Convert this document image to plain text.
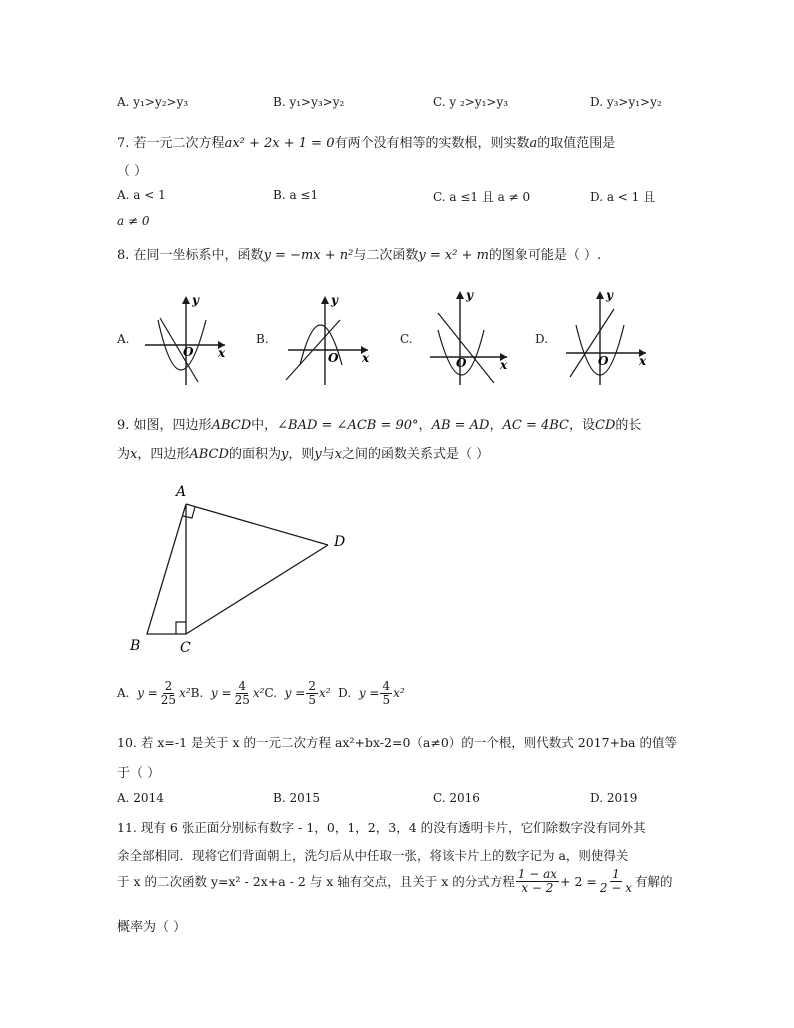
A. y₁>y₂>y₃	B. y₁>y₃>y₂	C. y ₂>y₁>y₃	D. y₃>y₁>y₂
7. 若一元二次方程ax² + 2x + 1 = 0有两个没有相等的实数根，则实数a的取值范围是
（ ）
A. a < 1	B. a ≤1	C. a ≤1 且 a ≠ 0	D. a < 1 且
a ≠ 0
8. 在同一坐标系中，函数y = −mx + n²与二次函数y = x² + m的图象可能是（ ）.
A.
y
x
O
B.
y
x
O
C.
y
x
O
D.
y
x
O
9. 如图，四边形ABCD中，∠BAD = ∠ACB = 90°，AB = AD，AC = 4BC，设CD的长
为x，四边形ABCD的面积为y，则y与x之间的函数关系式是（ ）
A
B	C
D
A.
$y = \frac{2}{25} x^2$ B.
$y = \frac{4}{25} x^2$ C.
$y = \frac{2}{5} x^2$
D.
$y = \frac{4}{5} x^2$
10. 若 x=-1 是关于 x 的一元二次方程 ax²+bx-2=0（a≠0）的一个根，则代数式 2017+ba 的值等
于（ ）
A. 2014	B. 2015	C. 2016	D. 2019
11. 现有 6 张正面分别标有数字 - 1，0，1，2，3，4 的没有透明卡片，它们除数字没有同外其
余全部相同．现将它们背面朝上，洗匀后从中任取一张，将该卡片上的数字记为 a，则使得关
于 x 的二次函数 y=x² - 2x+a - 2 与 x 轴有交点，且关于 x 的分式方程 $\frac{1 - ax}{x - 2} + 2 = \frac{1}{2 - x}$ 有解的
概率为（ ）
